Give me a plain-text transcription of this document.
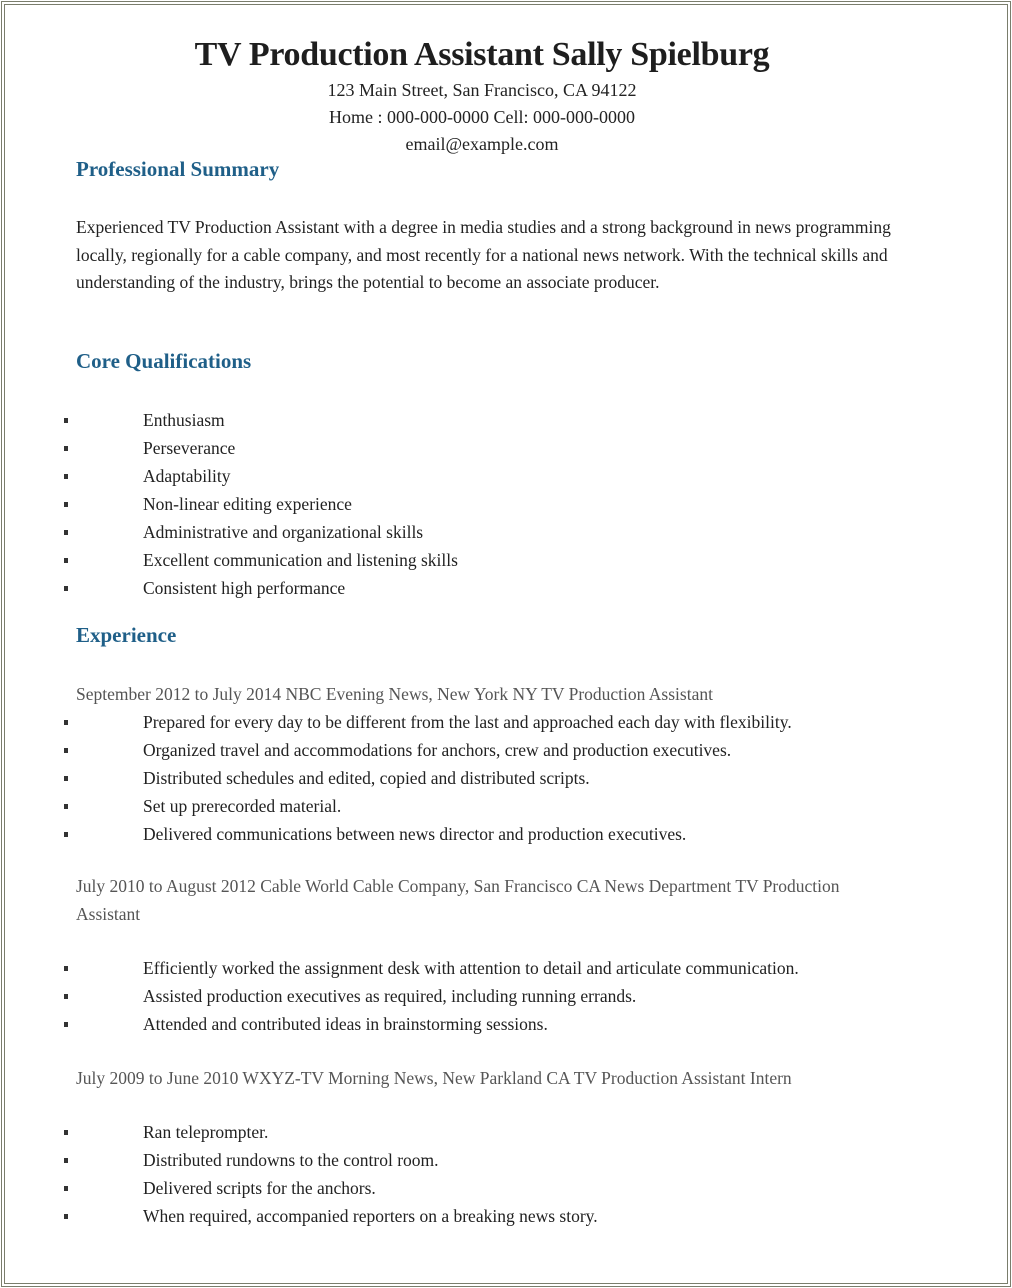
TV Production Assistant Sally Spielburg
123 Main Street, San Francisco, CA 94122
Home : 000-000-0000 Cell: 000-000-0000
email@example.com
Professional Summary

Experienced TV Production Assistant with a degree in media studies and a strong background in news programming locally, regionally for a cable company, and most recently for a national news network. With the technical skills and understanding of the industry, brings the potential to become an associate producer.

Core Qualifications
Enthusiasm
Perseverance
Adaptability
Non-linear editing experience
Administrative and organizational skills
Excellent communication and listening skills
Consistent high performance
Experience

September 2012 to July 2014 NBC Evening News, New York NY TV Production Assistant

Prepared for every day to be different from the last and approached each day with flexibility.
Organized travel and accommodations for anchors, crew and production executives.
Distributed schedules and edited, copied and distributed scripts.
Set up prerecorded material.
Delivered communications between news director and production executives.

July 2010 to August 2012 Cable World Cable Company, San Francisco CA News Department TV Production Assistant

Efficiently worked the assignment desk with attention to detail and articulate communication.
Assisted production executives as required, including running errands.
Attended and contributed ideas in brainstorming sessions.

July 2009 to June 2010 WXYZ-TV Morning News, New Parkland CA TV Production Assistant Intern

Ran teleprompter.
Distributed rundowns to the control room.
Delivered scripts for the anchors.
When required, accompanied reporters on a breaking news story.
